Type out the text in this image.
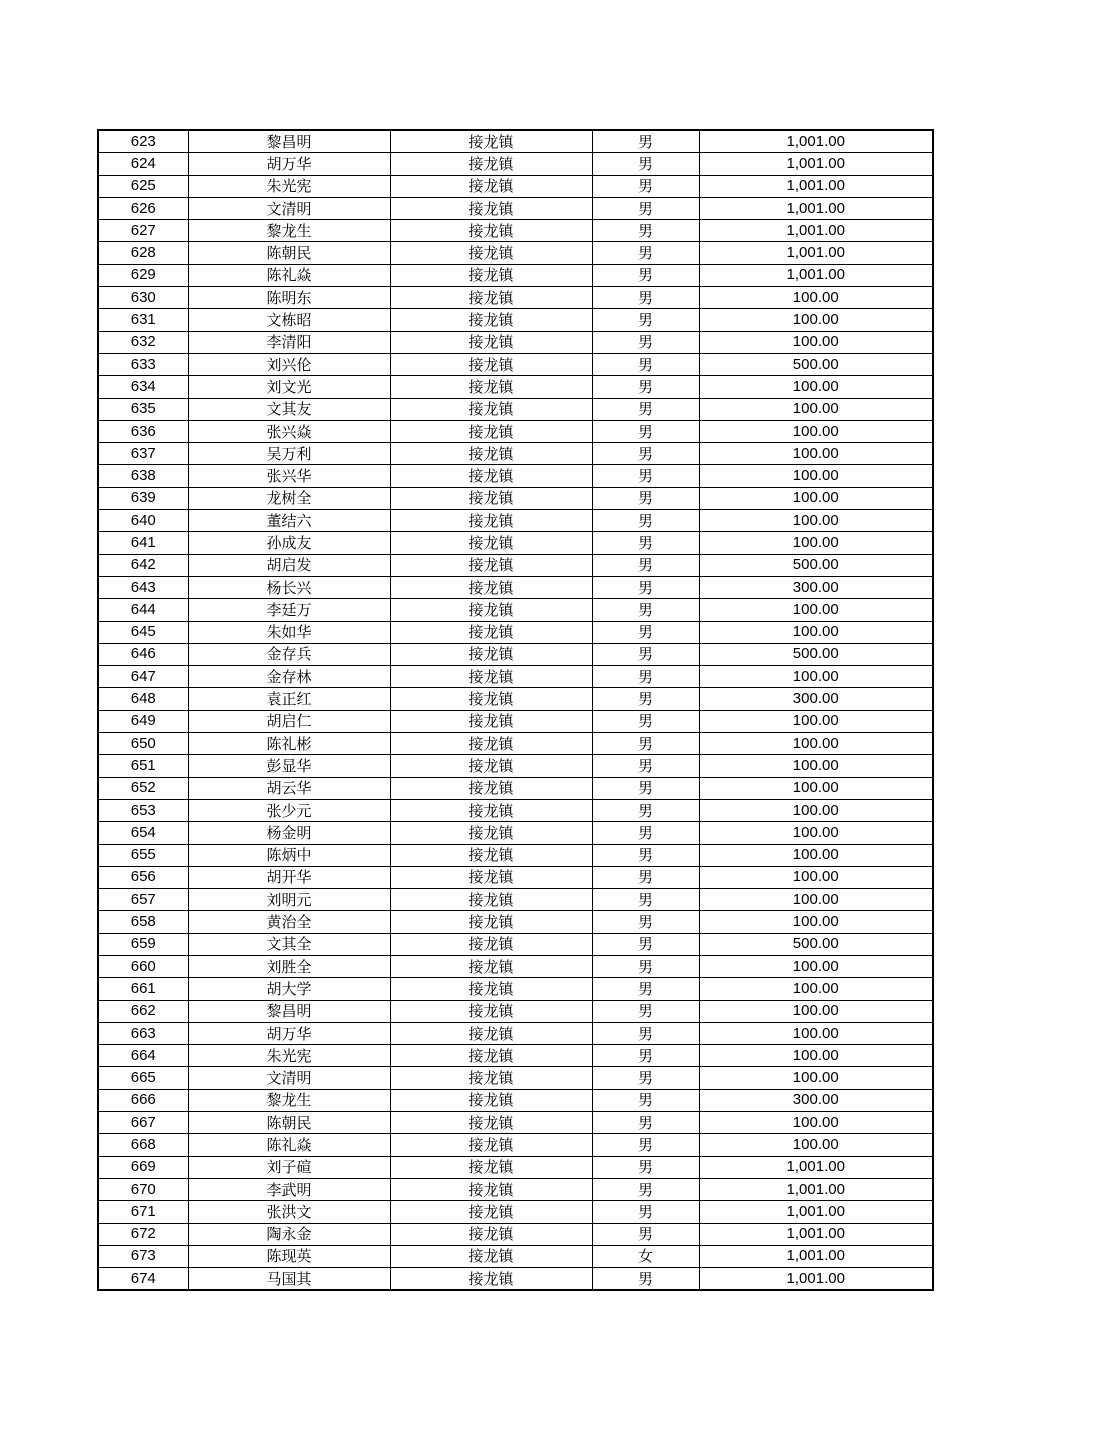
623	黎昌明	接龙镇	男	1,001.00
624	胡万华	接龙镇	男	1,001.00
625	朱光宪	接龙镇	男	1,001.00
626	文清明	接龙镇	男	1,001.00
627	黎龙生	接龙镇	男	1,001.00
628	陈朝民	接龙镇	男	1,001.00
629	陈礼焱	接龙镇	男	1,001.00
630	陈明东	接龙镇	男	100.00
631	文栋昭	接龙镇	男	100.00
632	李清阳	接龙镇	男	100.00
633	刘兴伦	接龙镇	男	500.00
634	刘文光	接龙镇	男	100.00
635	文其友	接龙镇	男	100.00
636	张兴焱	接龙镇	男	100.00
637	吴万利	接龙镇	男	100.00
638	张兴华	接龙镇	男	100.00
639	龙树全	接龙镇	男	100.00
640	董结六	接龙镇	男	100.00
641	孙成友	接龙镇	男	100.00
642	胡启发	接龙镇	男	500.00
643	杨长兴	接龙镇	男	300.00
644	李廷万	接龙镇	男	100.00
645	朱如华	接龙镇	男	100.00
646	金存兵	接龙镇	男	500.00
647	金存林	接龙镇	男	100.00
648	袁正红	接龙镇	男	300.00
649	胡启仁	接龙镇	男	100.00
650	陈礼彬	接龙镇	男	100.00
651	彭显华	接龙镇	男	100.00
652	胡云华	接龙镇	男	100.00
653	张少元	接龙镇	男	100.00
654	杨金明	接龙镇	男	100.00
655	陈炳中	接龙镇	男	100.00
656	胡开华	接龙镇	男	100.00
657	刘明元	接龙镇	男	100.00
658	黄治全	接龙镇	男	100.00
659	文其全	接龙镇	男	500.00
660	刘胜全	接龙镇	男	100.00
661	胡大学	接龙镇	男	100.00
662	黎昌明	接龙镇	男	100.00
663	胡万华	接龙镇	男	100.00
664	朱光宪	接龙镇	男	100.00
665	文清明	接龙镇	男	100.00
666	黎龙生	接龙镇	男	300.00
667	陈朝民	接龙镇	男	100.00
668	陈礼焱	接龙镇	男	100.00
669	刘子碹	接龙镇	男	1,001.00
670	李武明	接龙镇	男	1,001.00
671	张洪文	接龙镇	男	1,001.00
672	陶永金	接龙镇	男	1,001.00
673	陈现英	接龙镇	女	1,001.00
674	马国其	接龙镇	男	1,001.00
